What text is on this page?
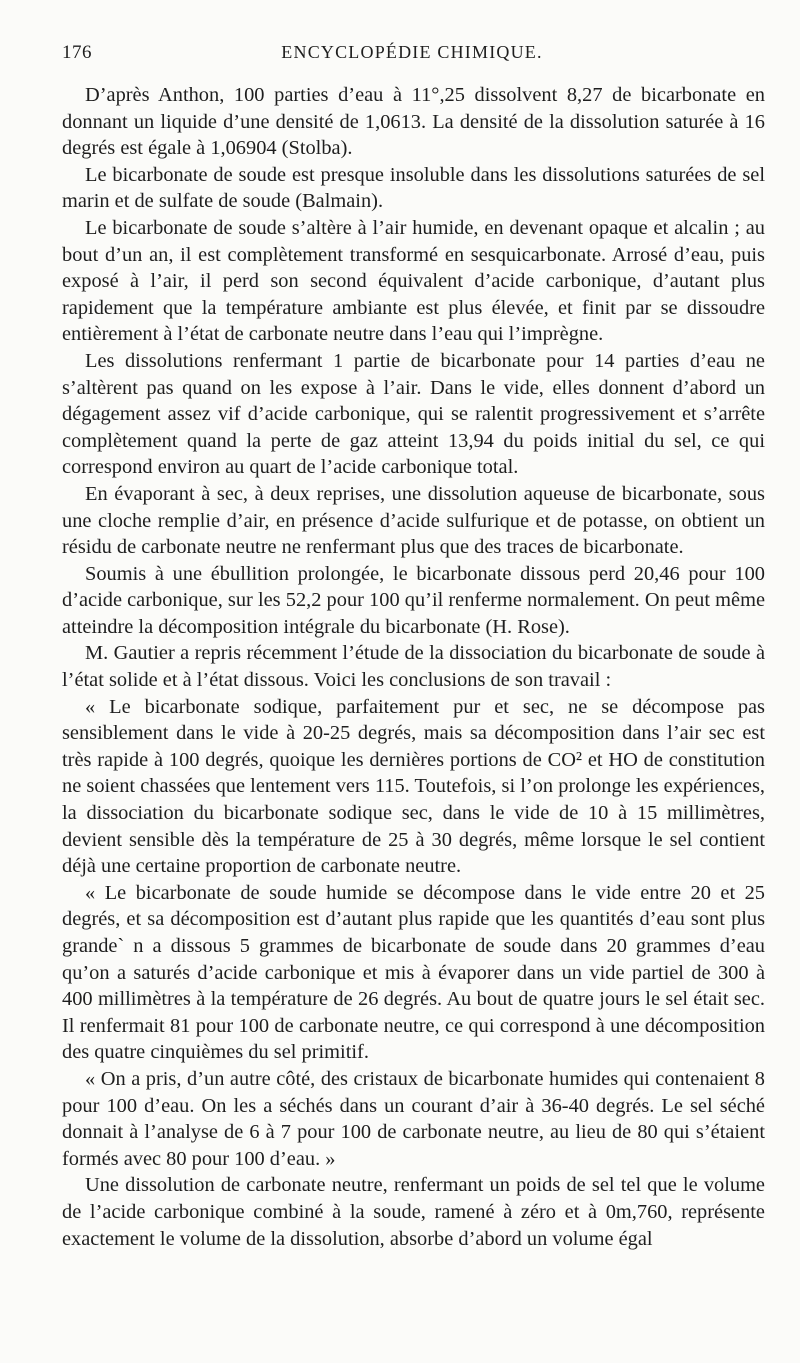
176	ENCYCLOPÉDIE CHIMIQUE.

D’après Anthon, 100 parties d’eau à 11°,25 dissolvent 8,27 de bicarbonate en donnant un liquide d’une densité de 1,0613. La densité de la dissolution saturée à 16 degrés est égale à 1,06904 (Stolba).

Le bicarbonate de soude est presque insoluble dans les dissolutions saturées de sel marin et de sulfate de soude (Balmain).

Le bicarbonate de soude s’altère à l’air humide, en devenant opaque et alcalin ; au bout d’un an, il est complètement transformé en sesquicarbonate. Arrosé d’eau, puis exposé à l’air, il perd son second équivalent d’acide carbonique, d’autant plus rapidement que la température ambiante est plus élevée, et finit par se dissoudre entièrement à l’état de carbonate neutre dans l’eau qui l’imprègne.

Les dissolutions renfermant 1 partie de bicarbonate pour 14 parties d’eau ne s’altèrent pas quand on les expose à l’air. Dans le vide, elles donnent d’abord un dégagement assez vif d’acide carbonique, qui se ralentit progressivement et s’arrête complètement quand la perte de gaz atteint 13,94 du poids initial du sel, ce qui correspond environ au quart de l’acide carbonique total.

En évaporant à sec, à deux reprises, une dissolution aqueuse de bicarbonate, sous une cloche remplie d’air, en présence d’acide sulfurique et de potasse, on obtient un résidu de carbonate neutre ne renfermant plus que des traces de bicarbonate.

Soumis à une ébullition prolongée, le bicarbonate dissous perd 20,46 pour 100 d’acide carbonique, sur les 52,2 pour 100 qu’il renferme normalement. On peut même atteindre la décomposition intégrale du bicarbonate (H. Rose).

M. Gautier a repris récemment l’étude de la dissociation du bicarbonate de soude à l’état solide et à l’état dissous. Voici les conclusions de son travail :

« Le bicarbonate sodique, parfaitement pur et sec, ne se décompose pas sensiblement dans le vide à 20-25 degrés, mais sa décomposition dans l’air sec est très rapide à 100 degrés, quoique les dernières portions de CO² et HO de constitution ne soient chassées que lentement vers 115. Toutefois, si l’on prolonge les expériences, la dissociation du bicarbonate sodique sec, dans le vide de 10 à 15 millimètres, devient sensible dès la température de 25 à 30 degrés, même lorsque le sel contient déjà une certaine proportion de carbonate neutre.

« Le bicarbonate de soude humide se décompose dans le vide entre 20 et 25 degrés, et sa décomposition est d’autant plus rapide que les quantités d’eau sont plus grande` n a dissous 5 grammes de bicarbonate de soude dans 20 grammes d’eau qu’on a saturés d’acide carbonique et mis à évaporer dans un vide partiel de 300 à 400 millimètres à la température de 26 degrés. Au bout de quatre jours le sel était sec. Il renfermait 81 pour 100 de carbonate neutre, ce qui correspond à une décomposition des quatre cinquièmes du sel primitif.

« On a pris, d’un autre côté, des cristaux de bicarbonate humides qui contenaient 8 pour 100 d’eau. On les a séchés dans un courant d’air à 36-40 degrés. Le sel séché donnait à l’analyse de 6 à 7 pour 100 de carbonate neutre, au lieu de 80 qui s’étaient formés avec 80 pour 100 d’eau. »

Une dissolution de carbonate neutre, renfermant un poids de sel tel que le volume de l’acide carbonique combiné à la soude, ramené à zéro et à 0m,760, représente exactement le volume de la dissolution, absorbe d’abord un volume égal
